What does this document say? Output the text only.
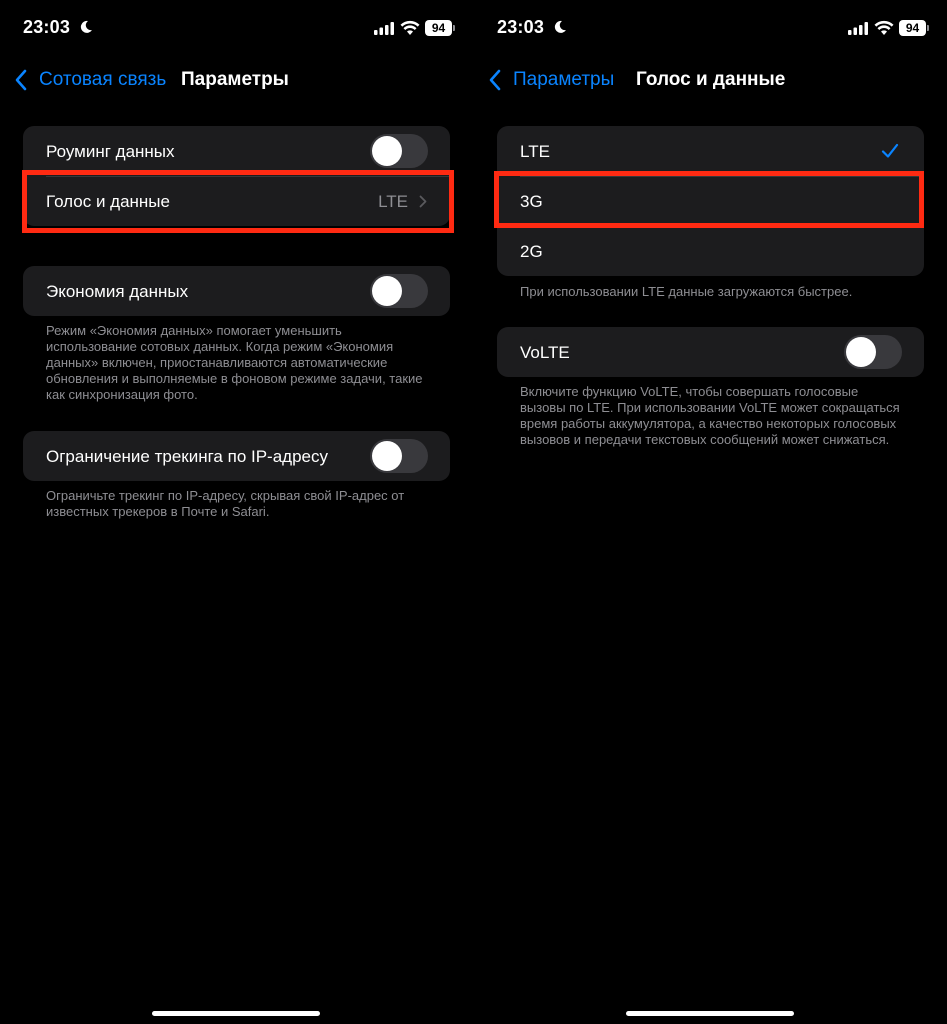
23:03	94
Сотовая связь Параметры
Роуминг данных
Голос и данные	LTE
Экономия данных
Режим «Экономия данных» помогает уменьшить использование сотовых данных. Когда режим «Экономия данных» включен, приостанавливаются автоматические обновления и выполняемые в фоновом режиме задачи, такие как синхронизация фото.
Ограничение трекинга по IP-адресу
Ограничьте трекинг по IP-адресу, скрывая свой IP-адрес от известных трекеров в Почте и Safari.
23:03	94
Параметры Голос и данные
LTE
3G
2G
При использовании LTE данные загружаются быстрее.
VoLTE
Включите функцию VoLTE, чтобы совершать голосовые вызовы по LTE. При использовании VoLTE может сокращаться время работы аккумулятора, а качество некоторых голосовых вызовов и передачи текстовых сообщений может снижаться.
